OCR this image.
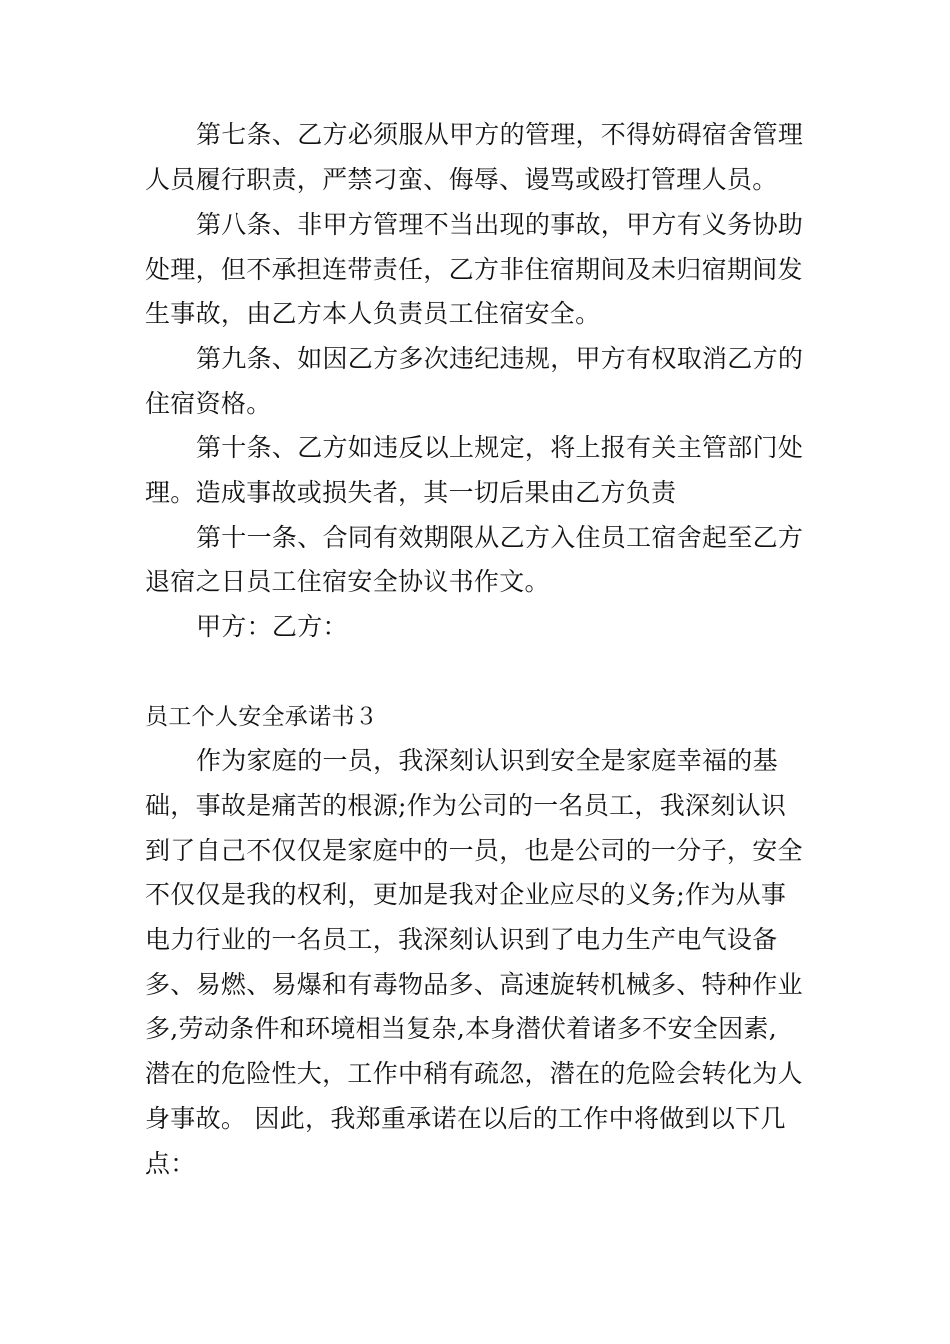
第七条、乙方必须服从甲方的管理，不得妨碍宿舍管理
人员履行职责，严禁刁蛮、侮辱、谩骂或殴打管理人员。
第八条、非甲方管理不当出现的事故，甲方有义务协助
处理，但不承担连带责任，乙方非住宿期间及未归宿期间发
生事故，由乙方本人负责员工住宿安全。
第九条、如因乙方多次违纪违规，甲方有权取消乙方的
住宿资格。
第十条、乙方如违反以上规定，将上报有关主管部门处
理。造成事故或损失者，其一切后果由乙方负责
第十一条、合同有效期限从乙方入住员工宿舍起至乙方
退宿之日员工住宿安全协议书作文。
甲方：乙方：
员工个人安全承诺书３
作为家庭的一员，我深刻认识到安全是家庭幸福的基
础，事故是痛苦的根源;作为公司的一名员工，我深刻认识
到了自己不仅仅是家庭中的一员，也是公司的一分子，安全
不仅仅是我的权利，更加是我对企业应尽的义务;作为从事
电力行业的一名员工，我深刻认识到了电力生产电气设备
多、易燃、易爆和有毒物品多、高速旋转机械多、特种作业
多,劳动条件和环境相当复杂,本身潜伏着诸多不安全因素,
潜在的危险性大，工作中稍有疏忽，潜在的危险会转化为人
身事故。 因此，我郑重承诺在以后的工作中将做到以下几
点：
